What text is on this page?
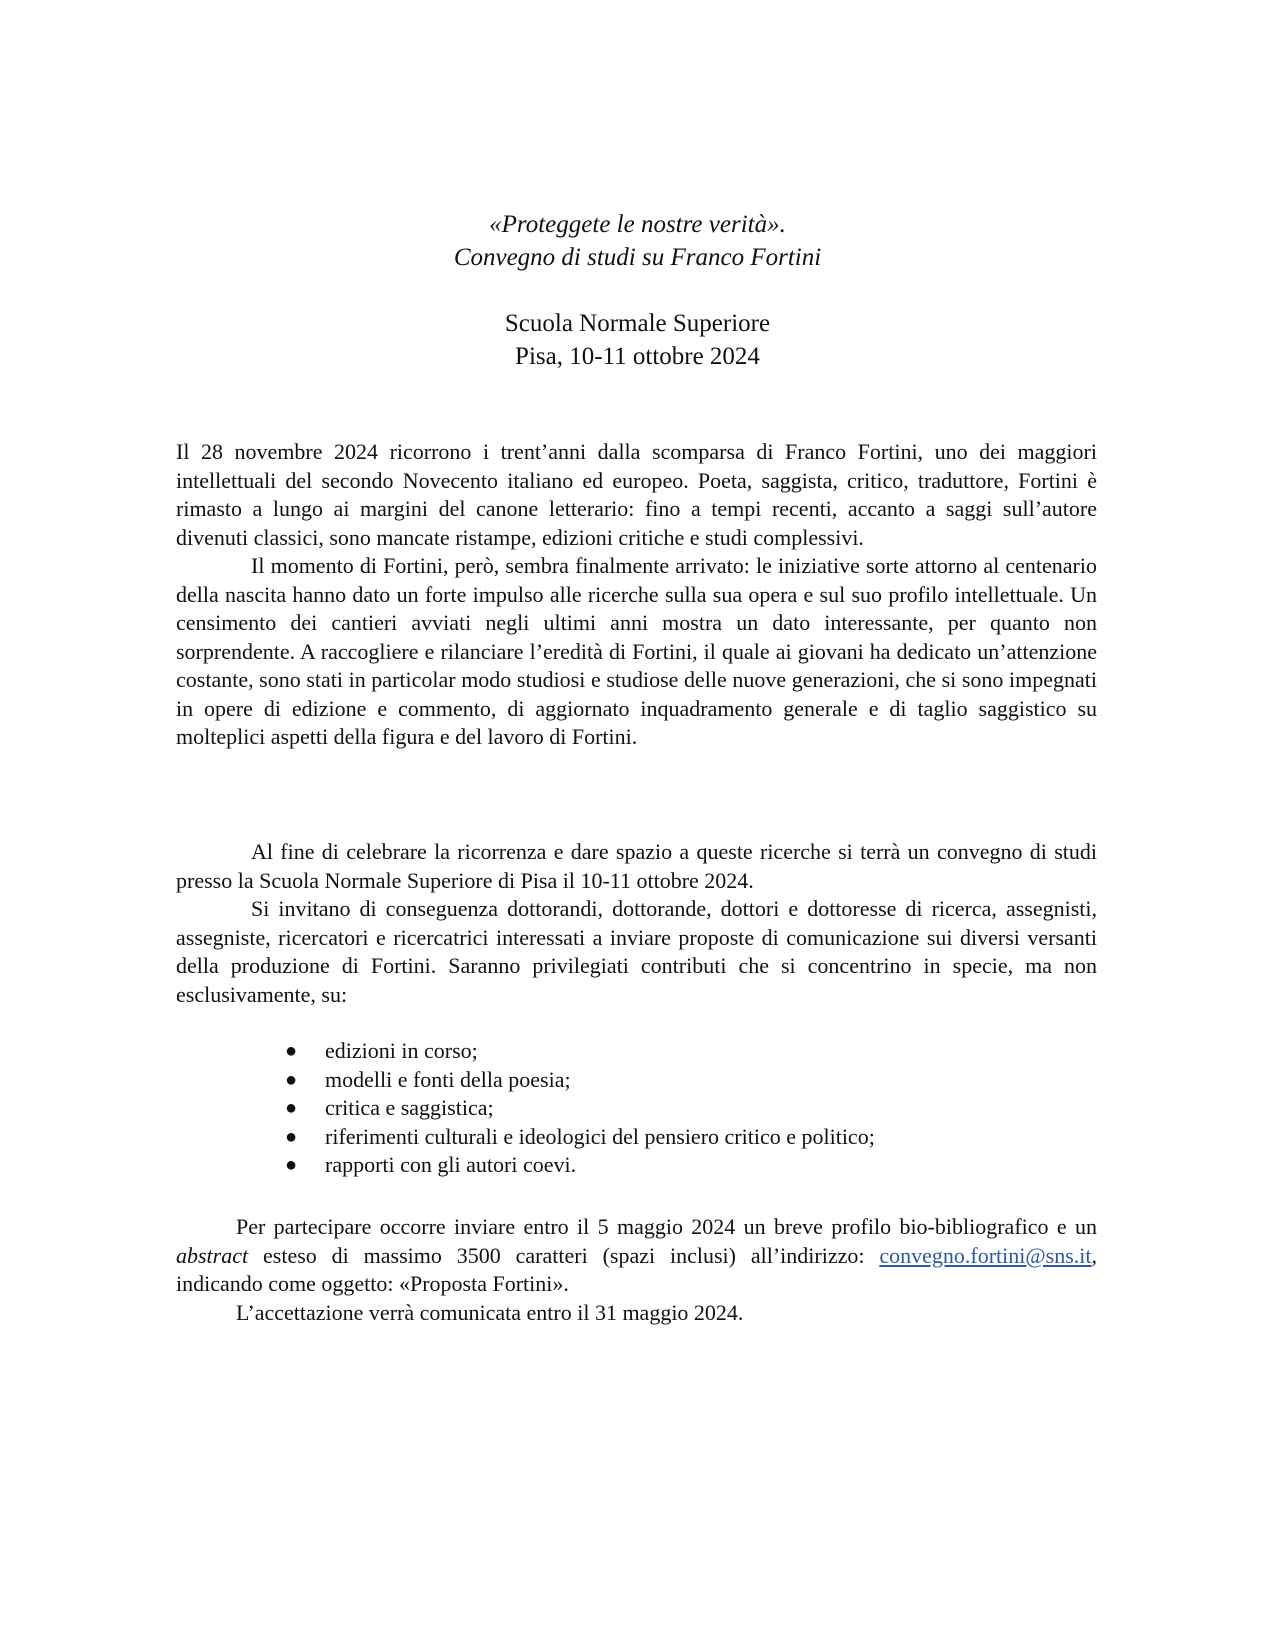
«Proteggete le nostre verità».
Convegno di studi su Franco Fortini
Scuola Normale Superiore
Pisa, 10-11 ottobre 2024

Il 28 novembre 2024 ricorrono i trent’anni dalla scomparsa di Franco Fortini, uno dei maggiori intellettuali del secondo Novecento italiano ed europeo. Poeta, saggista, critico, traduttore, Fortini è rimasto a lungo ai margini del canone letterario: fino a tempi recenti, accanto a saggi sull’autore divenuti classici, sono mancate ristampe, edizioni critiche e studi complessivi.

Il momento di Fortini, però, sembra finalmente arrivato: le iniziative sorte attorno al centenario della nascita hanno dato un forte impulso alle ricerche sulla sua opera e sul suo profilo intellettuale. Un censimento dei cantieri avviati negli ultimi anni mostra un dato interessante, per quanto non sorprendente. A raccogliere e rilanciare l’eredità di Fortini, il quale ai giovani ha dedicato un’attenzione costante, sono stati in particolar modo studiosi e studiose delle nuove generazioni, che si sono impegnati in opere di edizione e commento, di aggiornato inquadramento generale e di taglio saggistico su molteplici aspetti della figura e del lavoro di Fortini.

Al fine di celebrare la ricorrenza e dare spazio a queste ricerche si terrà un convegno di studi presso la Scuola Normale Superiore di Pisa il 10-11 ottobre 2024.

Si invitano di conseguenza dottorandi, dottorande, dottori e dottoresse di ricerca, assegnisti, assegniste, ricercatori e ricercatrici interessati a inviare proposte di comunicazione sui diversi versanti della produzione di Fortini. Saranno privilegiati contributi che si concentrino in specie, ma non esclusivamente, su:

● edizioni in corso;
● modelli e fonti della poesia;
● critica e saggistica;
● riferimenti culturali e ideologici del pensiero critico e politico;
● rapporti con gli autori coevi.

Per partecipare occorre inviare entro il 5 maggio 2024 un breve profilo bio-bibliografico e un abstract esteso di massimo 3500 caratteri (spazi inclusi) all’indirizzo: convegno.fortini@sns.it, indicando come oggetto: «Proposta Fortini».

L’accettazione verrà comunicata entro il 31 maggio 2024.
